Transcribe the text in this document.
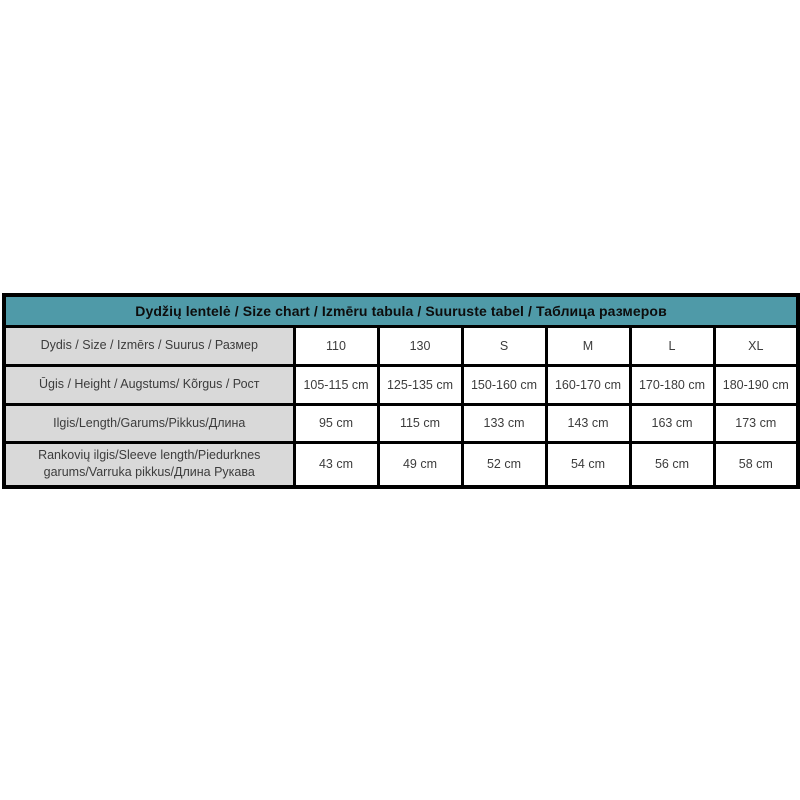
Dydžių lentelė / Size chart / Izmēru tabula / Suuruste tabel / Таблица размеров						
Dydis / Size / Izmērs / Suurus / Размер	110	130	S	M	L	XL
Ūgis / Height / Augstums/ Kõrgus / Рост	105-115 cm	125-135 cm	150-160 cm	160-170 cm	170-180 cm	180-190 cm
Ilgis/Length/Garums/Pikkus/Длина	95 cm	115 cm	133 cm	143 cm	163 cm	173 cm
Rankovių ilgis/Sleeve length/Piedurknes garums/Varruka pikkus/Длина Рукава	43 cm	49 cm	52 cm	54 cm	56 cm	58 cm
